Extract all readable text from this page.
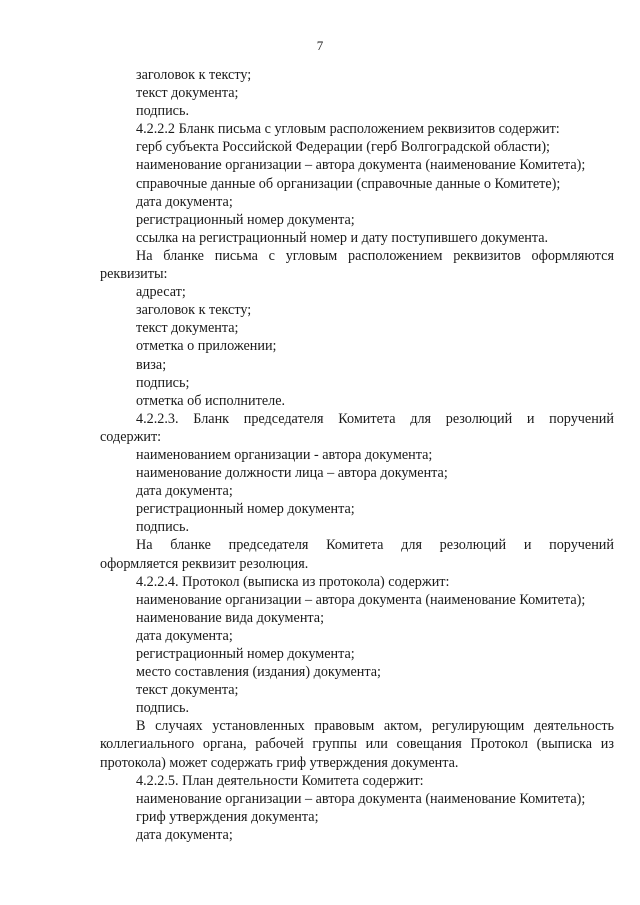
7
заголовок к тексту;
текст документа;
подпись.
4.2.2.2 Бланк письма с угловым расположением реквизитов содержит:
герб субъекта Российской Федерации (герб Волгоградской области);
наименование организации – автора документа (наименование Комитета);
справочные данные об организации (справочные данные о Комитете);
дата документа;
регистрационный номер документа;
ссылка на регистрационный номер и дату поступившего документа.
На бланке письма с угловым расположением реквизитов оформляются
реквизиты:
адресат;
заголовок к тексту;
текст документа;
отметка о приложении;
виза;
подпись;
отметка об исполнителе.
4.2.2.3. Бланк председателя Комитета для резолюций и поручений
содержит:
наименованием организации - автора документа;
наименование должности лица – автора документа;
дата документа;
регистрационный номер документа;
подпись.
На бланке председателя Комитета для резолюций и поручений
оформляется реквизит резолюция.
4.2.2.4. Протокол (выписка из протокола) содержит:
наименование организации – автора документа (наименование Комитета);
наименование вида документа;
дата документа;
регистрационный номер документа;
место составления (издания) документа;
текст документа;
подпись.
В случаях установленных правовым актом, регулирующим деятельность
коллегиального органа, рабочей группы или совещания Протокол (выписка из
протокола) может содержать гриф утверждения документа.
4.2.2.5. План деятельности Комитета содержит:
наименование организации – автора документа (наименование Комитета);
гриф утверждения документа;
дата документа;
